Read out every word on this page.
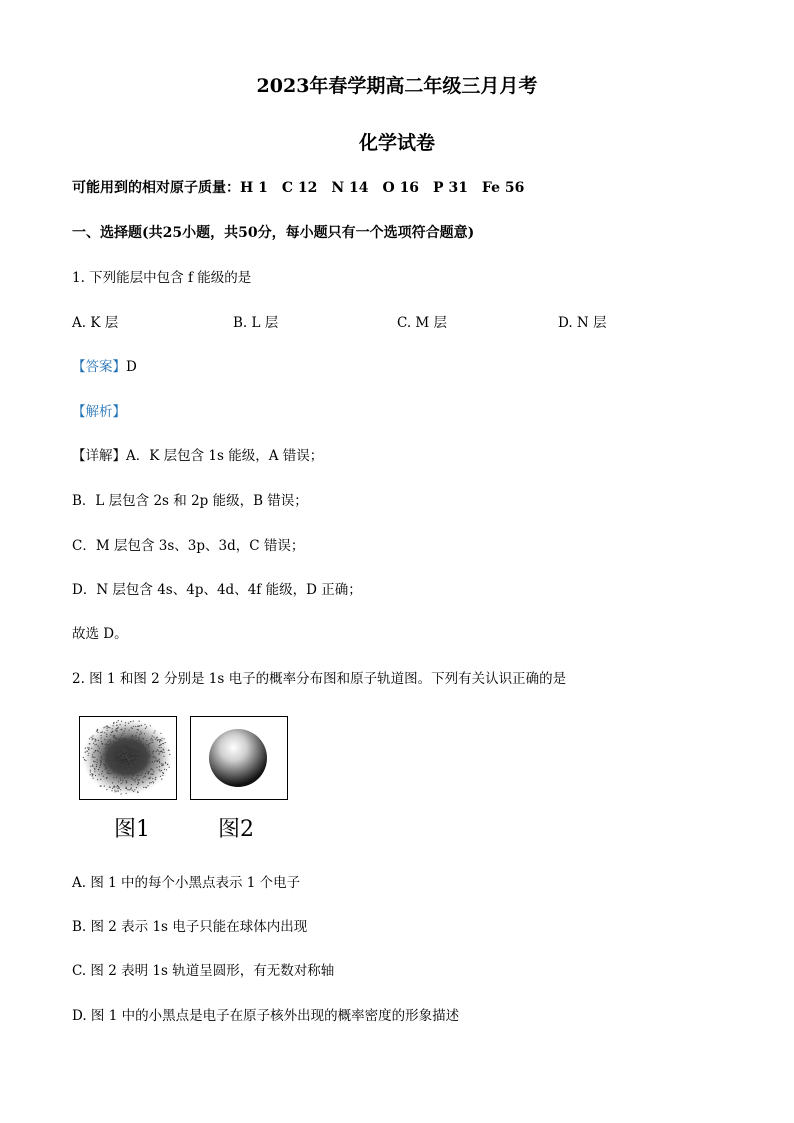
2023年春学期高二年级三月月考
化学试卷
可能用到的相对原子质量：H 1　C 12　N 14　O 16　P 31　Fe 56
一、选择题(共25小题，共50分，每小题只有一个选项符合题意)
1. 下列能层中包含 f 能级的是
A. K 层	B. L 层	C. M 层	D. N 层
【答案】D
【解析】
【详解】A．K 层包含 1s 能级，A 错误；
B．L 层包含 2s 和 2p 能级，B 错误；
C．M 层包含 3s、3p、3d，C 错误；
D．N 层包含 4s、4p、4d、4f 能级，D 正确；
故选 D。
2. 图 1 和图 2 分别是 1s 电子的概率分布图和原子轨道图。下列有关认识正确的是
图1	图2
A. 图 1 中的每个小黑点表示 1 个电子
B. 图 2 表示 1s 电子只能在球体内出现
C. 图 2 表明 1s 轨道呈圆形，有无数对称轴
D. 图 1 中的小黑点是电子在原子核外出现的概率密度的形象描述
